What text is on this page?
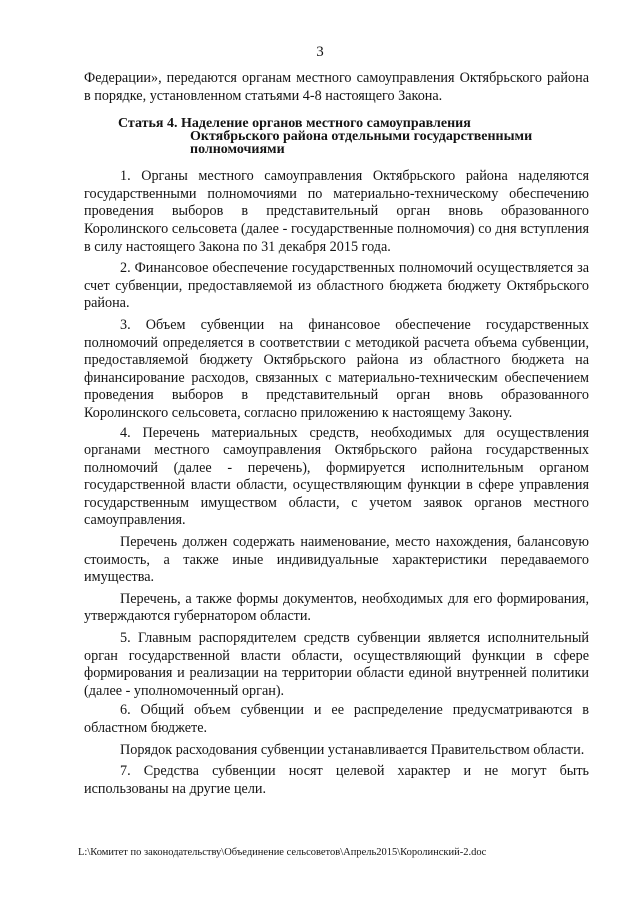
3

Федерации», передаются органам местного самоуправления Октябрьского района в порядке, установленном статьями 4-8 настоящего Закона.

Статья 4. Наделение органов местного самоуправления
Октябрьского района отдельными государственными
полномочиями

1. Органы местного самоуправления Октябрьского района наделяются государственными полномочиями по материально-техническому обеспечению проведения выборов в представительный орган вновь образованного Королинского сельсовета (далее - государственные полномочия) со дня вступления в силу настоящего Закона по 31 декабря 2015 года.

2. Финансовое обеспечение государственных полномочий осуществляется за счет субвенции, предоставляемой из областного бюджета бюджету Октябрьского района.

3. Объем субвенции на финансовое обеспечение государственных полномочий определяется в соответствии с методикой расчета объема субвенции, предоставляемой бюджету Октябрьского района из областного бюджета на финансирование расходов, связанных с материально-техническим обеспечением проведения выборов в представительный орган вновь образованного Королинского сельсовета, согласно приложению к настоящему Закону.

4. Перечень материальных средств, необходимых для осуществления органами местного самоуправления Октябрьского района государственных полномочий (далее - перечень), формируется исполнительным органом государственной власти области, осуществляющим функции в сфере управления государственным имуществом области, с учетом заявок органов местного самоуправления.

Перечень должен содержать наименование, место нахождения, балансовую стоимость, а также иные индивидуальные характеристики передаваемого имущества.

Перечень, а также формы документов, необходимых для его формирования, утверждаются губернатором области.

5. Главным распорядителем средств субвенции является исполнительный орган государственной власти области, осуществляющий функции в сфере формирования и реализации на территории области единой внутренней политики (далее - уполномоченный орган).

6. Общий объем субвенции и ее распределение предусматриваются в областном бюджете.

Порядок расходования субвенции устанавливается Правительством области.

7. Средства субвенции носят целевой характер и не могут быть использованы на другие цели.

L:\Комитет по законодательству\Объединение сельсоветов\Апрель2015\Королинский-2.doc
